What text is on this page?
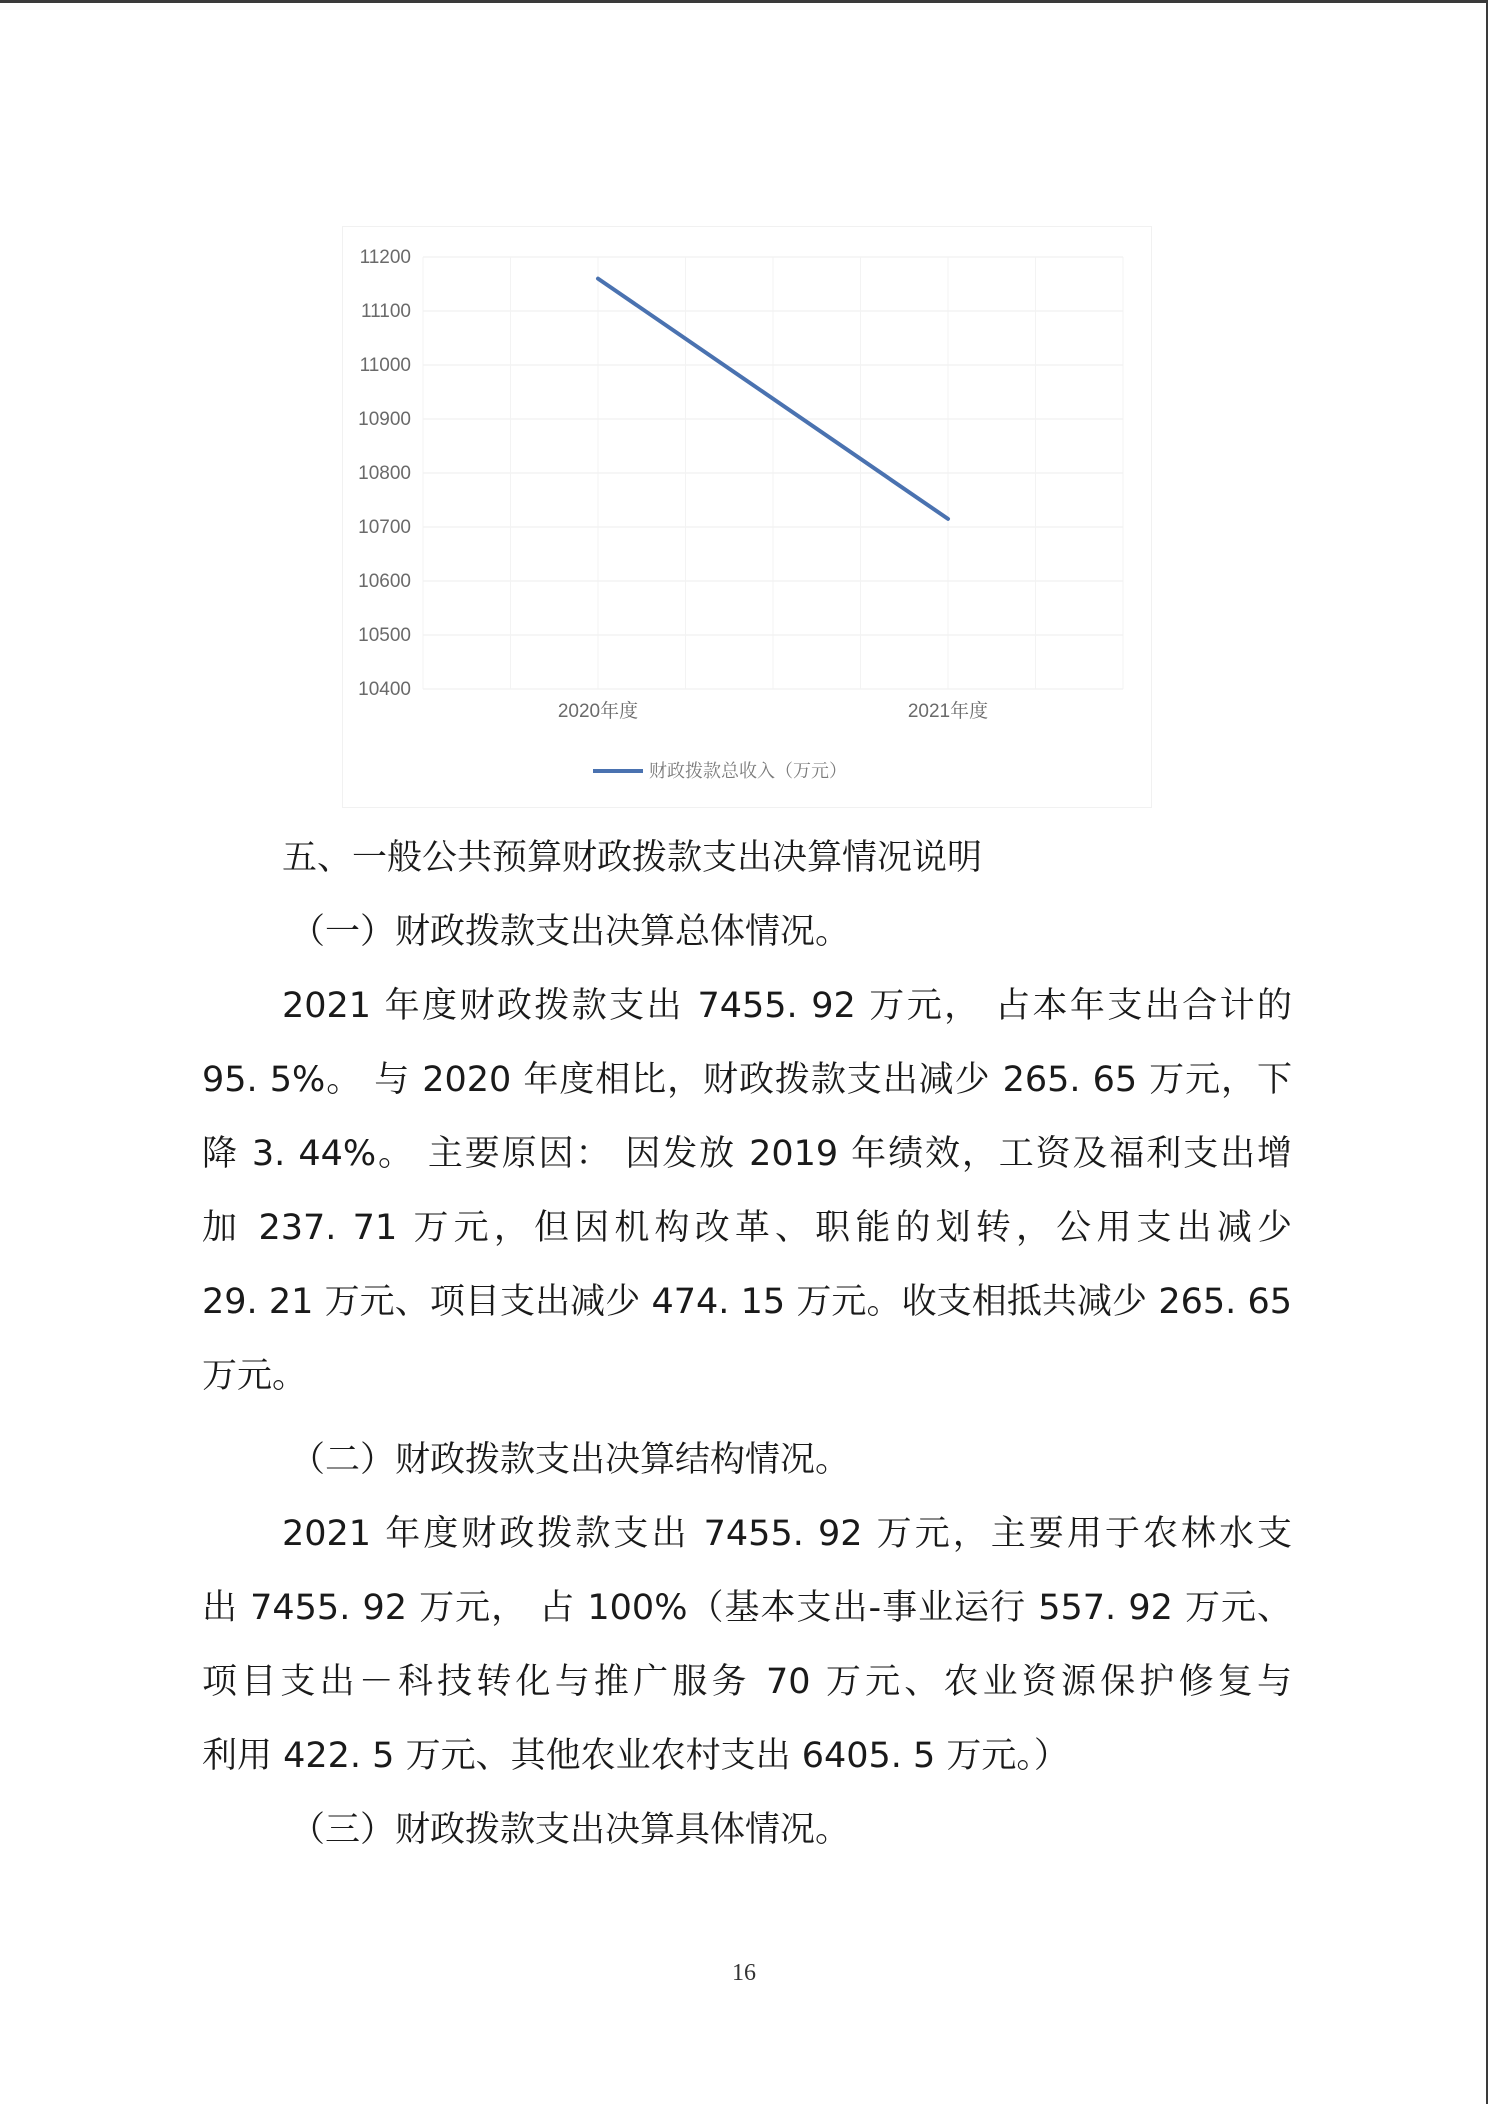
11200
11100
11000
10900
10800
10700
10600
10500
10400
2020年度	2021年度
财政拨款总收入（万元）

五、一般公共预算财政拨款支出决算情况说明

（一）财政拨款支出决算总体情况。

2021 年度财政拨款支出 7455. 92 万元， 占本年支出合计的

95. 5%。 与 2020 年度相比，财政拨款支出减少 265. 65 万元，下

降 3. 44%。 主要原因： 因发放 2019 年绩效，工资及福利支出增

加 237. 71 万元，但因机构改革、职能的划转，公用支出减少

29. 21 万元、项目支出减少 474. 15 万元。收支相抵共减少 265. 65

万元。

（二）财政拨款支出决算结构情况。

2021 年度财政拨款支出 7455. 92 万元，主要用于农林水支

出 7455. 92 万元， 占 100%（基本支出-事业运行 557. 92 万元、

项目支出－科技转化与推广服务 70 万元、农业资源保护修复与

利用 422. 5 万元、其他农业农村支出 6405. 5 万元。）

（三）财政拨款支出决算具体情况。

16
